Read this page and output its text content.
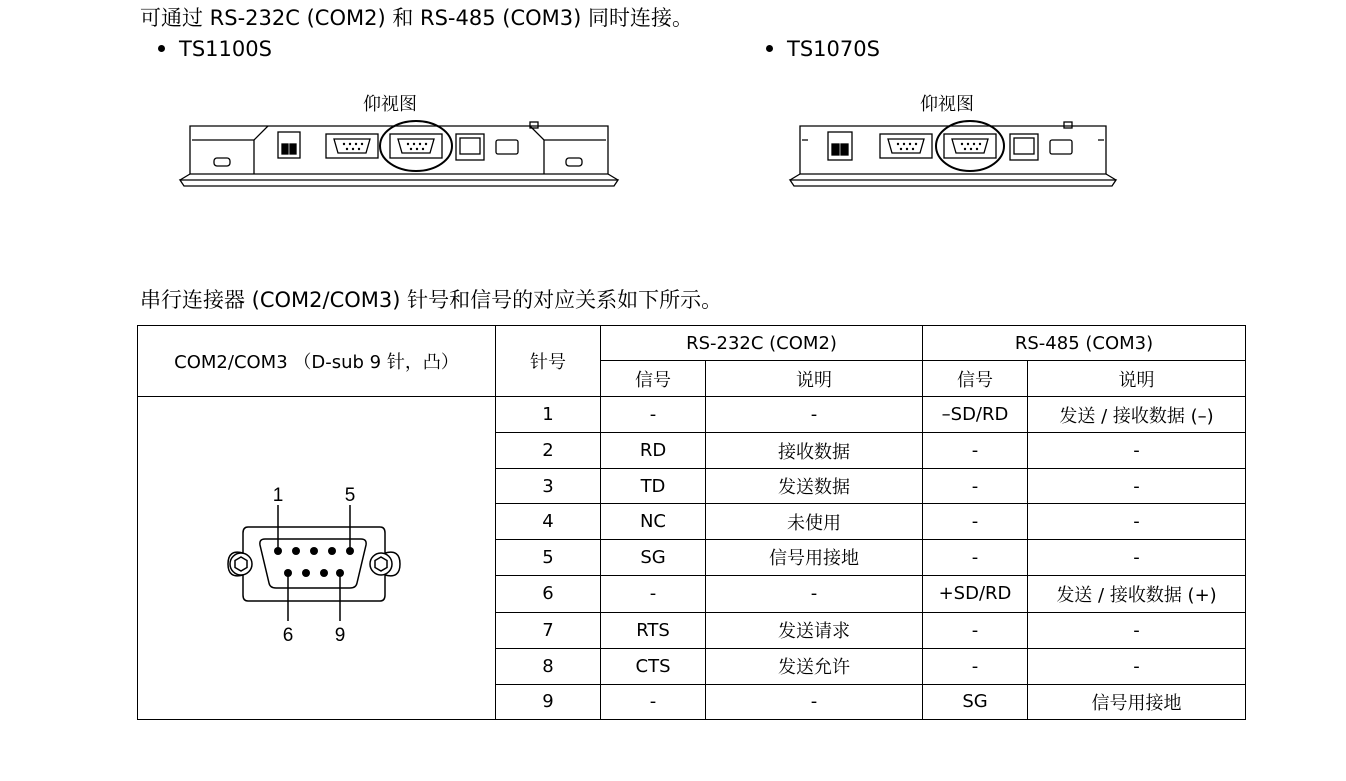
可通过 RS-232C (COM2) 和 RS-485 (COM3) 同时连接。
TS1100S	TS1070S
仰视图	仰视图
串行连接器 (COM2/COM3) 针号和信号的对应关系如下所示。
COM2/COM3 （D-sub 9 针，凸）	针号	RS-232C (COM2)		RS-485 (COM3)	
		信号	说明	信号	说明

1 5
6 9	1	-	-	–SD/RD	发送 / 接收数据 (–)
	2	RD	接收数据	-	-
	3	TD	发送数据	-	-
	4	NC	未使用	-	-
	5	SG	信号用接地	-	-
	6	-	-	+SD/RD	发送 / 接收数据 (+)
	7	RTS	发送请求	-	-
	8	CTS	发送允许	-	-
	9	-	-	SG	信号用接地
